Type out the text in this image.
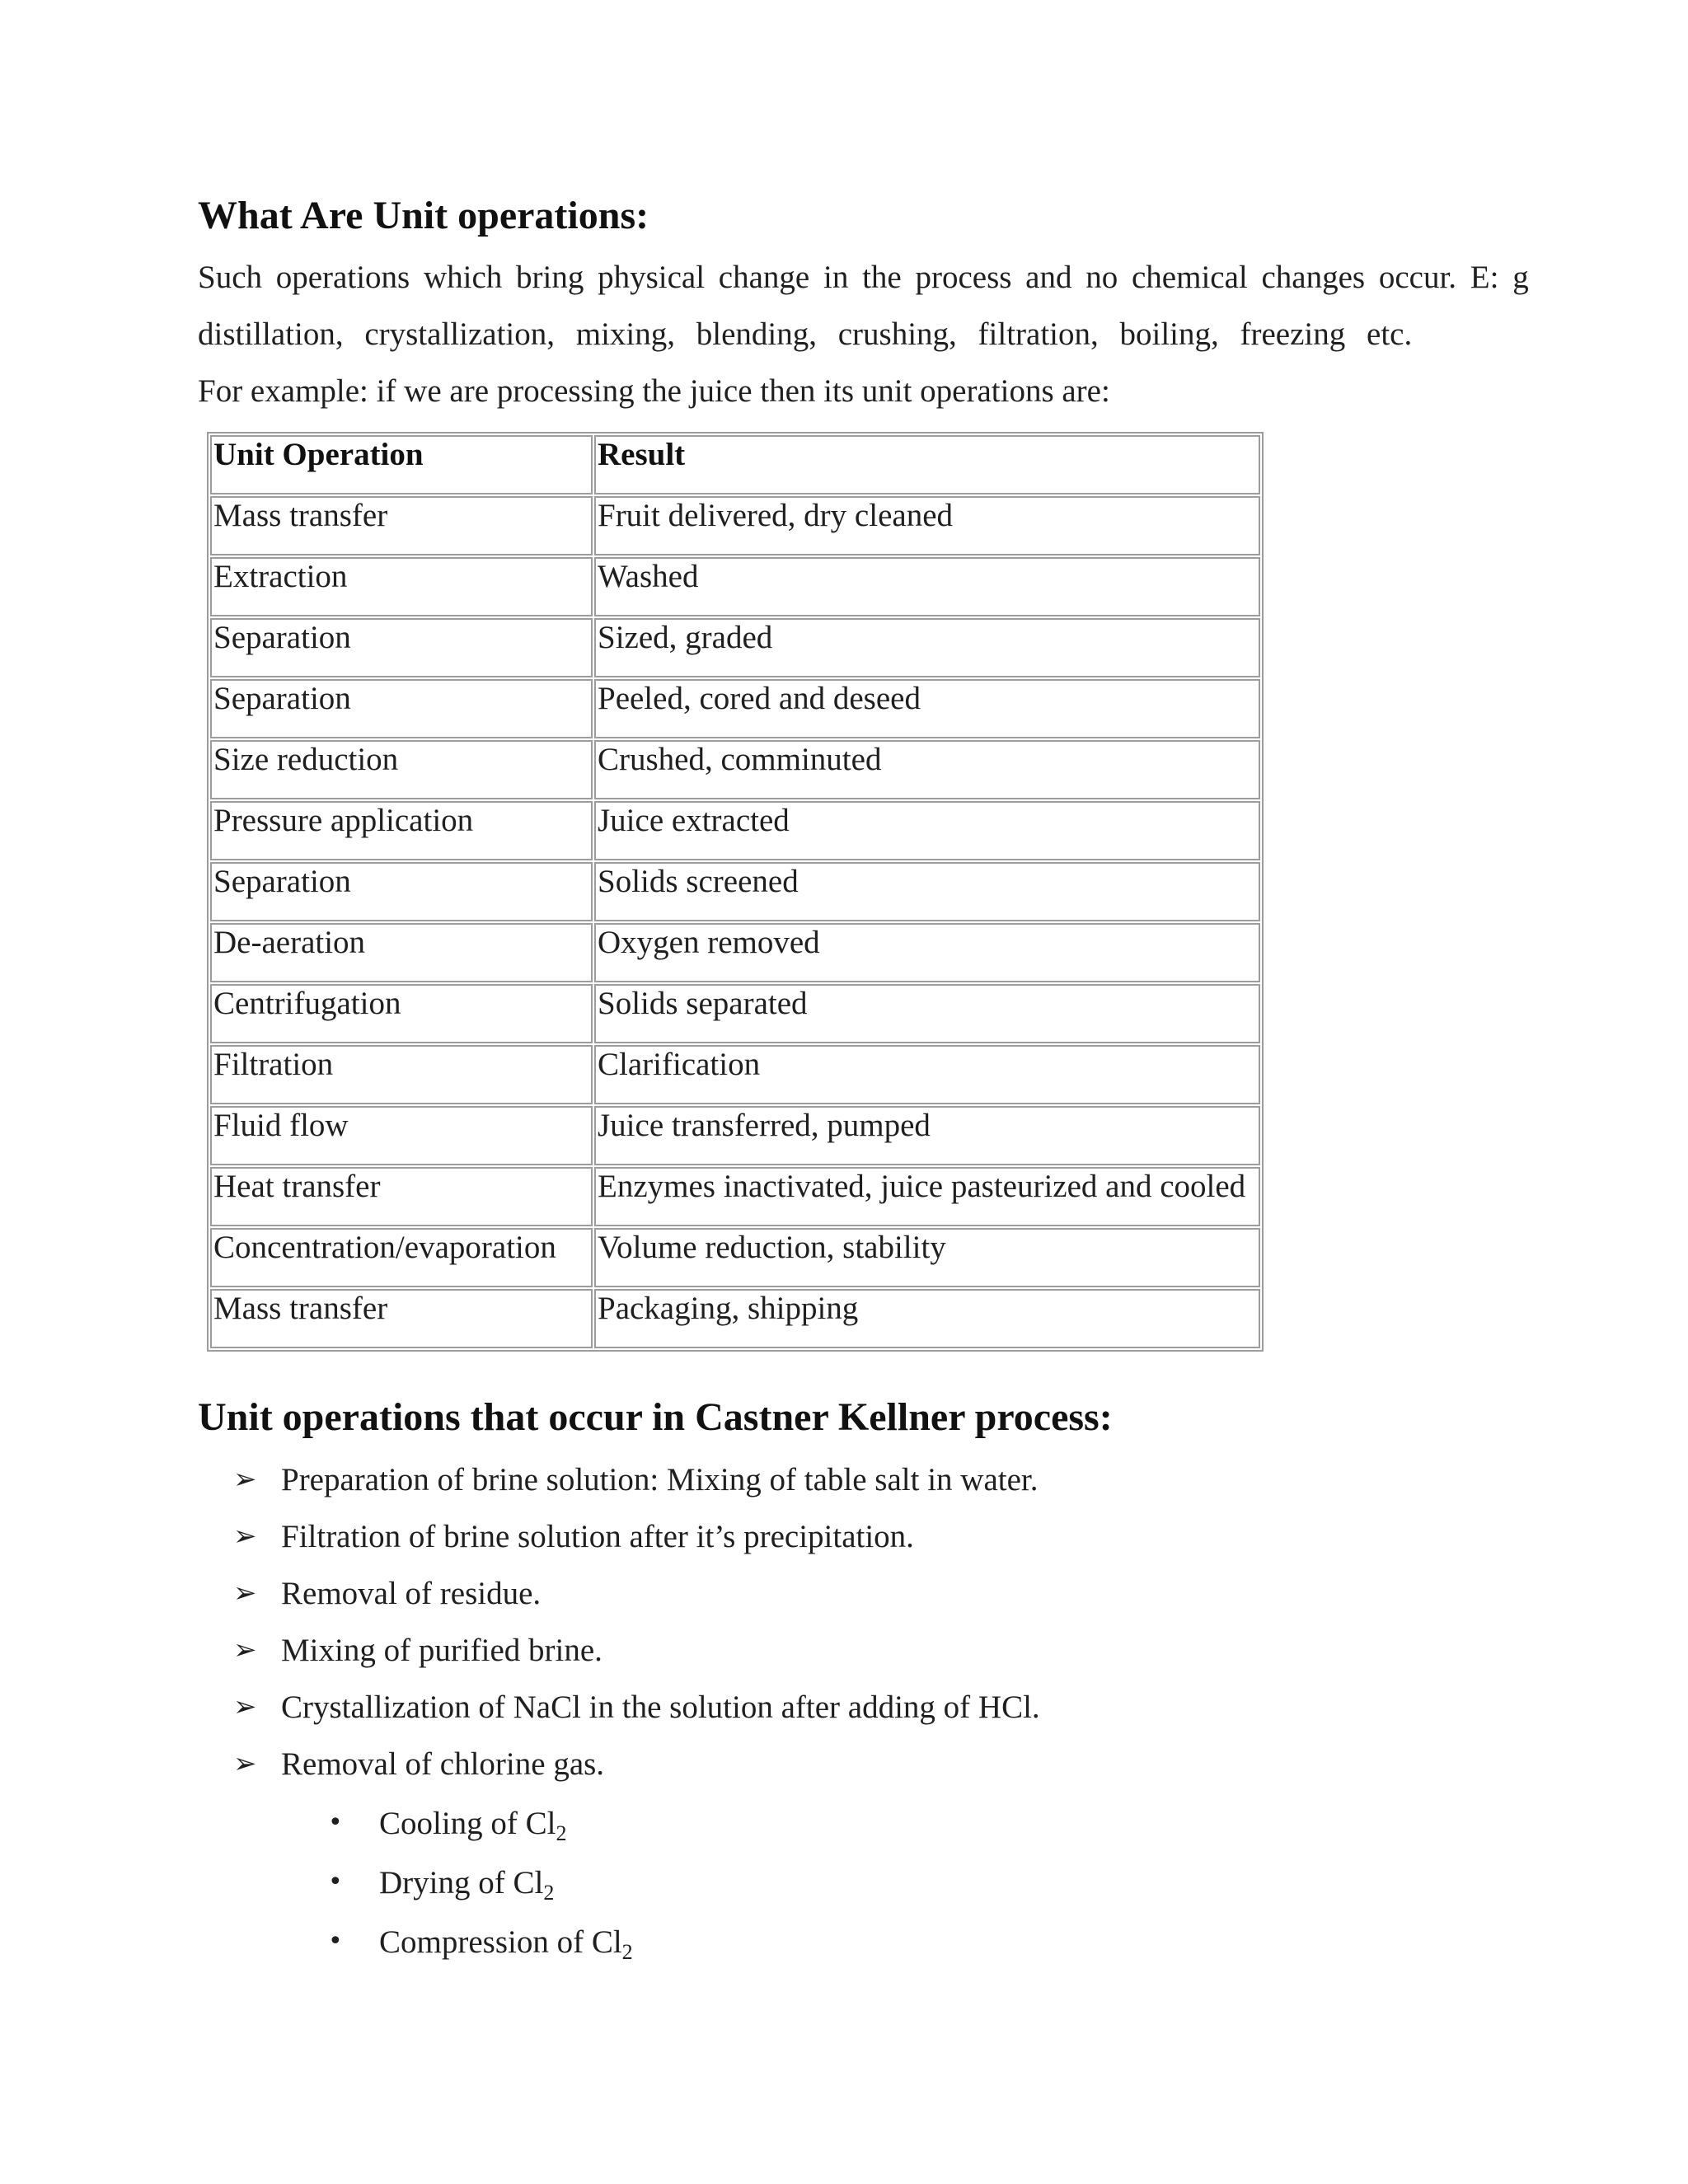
What Are Unit operations:
Such operations which bring physical change in the process and no chemical changes occur. E: g
distillation, crystallization, mixing, blending, crushing, filtration, boiling, freezing etc.
For example: if we are processing the juice then its unit operations are:
Unit Operation	Result
Mass transfer	Fruit delivered, dry cleaned
Extraction	Washed
Separation	Sized, graded
Separation	Peeled, cored and deseed
Size reduction	Crushed, comminuted
Pressure application	Juice extracted
Separation	Solids screened
De-aeration	Oxygen removed
Centrifugation	Solids separated
Filtration	Clarification
Fluid flow	Juice transferred, pumped
Heat transfer	Enzymes inactivated, juice pasteurized and cooled
Concentration/evaporation	Volume reduction, stability
Mass transfer	Packaging, shipping
Unit operations that occur in Castner Kellner process:
➢ Preparation of brine solution: Mixing of table salt in water.
➢ Filtration of brine solution after it’s precipitation.
➢ Removal of residue.
➢ Mixing of purified brine.
➢ Crystallization of NaCl in the solution after adding of HCl.
➢ Removal of chlorine gas.
•	Cooling of $Cl_2$
•	Drying of $Cl_2$
•	Compression of $Cl_2$
